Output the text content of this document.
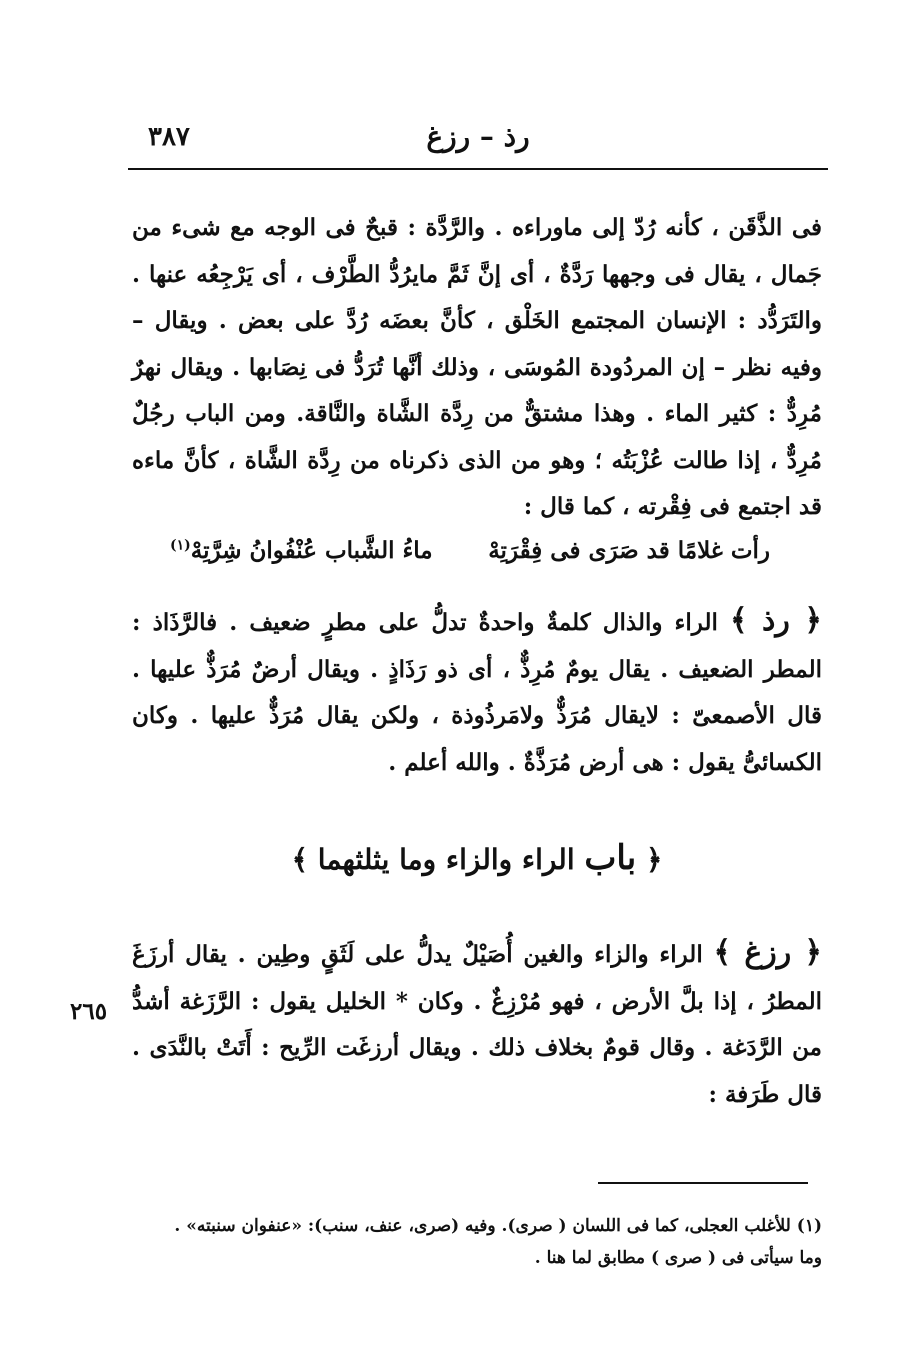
رذ – رزغ
٣٨٧

فى الذَّقَن ، كأنه رُدّ إلى ماوراءه . والرَّدَّة : قبحٌ فى الوجه مع شىء من جَمال ، يقال فى وجهها رَدَّةٌ ، أى إنَّ ثَمَّ مايرُدُّ الطَّرْف ، أى يَرْجِعُه عنها . والتَرَدُّد : الإنسان المجتمع الخَلْق ، كأنَّ بعضَه رُدَّ على بعض . ويقال – وفيه نظر – إن المردُودة المُوسَى ، وذلك أنَّها تُرَدُّ فى نِصَابها . ويقال نهرٌ مُرِدٌّ : كثير الماء . وهذا مشتقٌّ من رِدَّة الشَّاة والنَّاقة. ومن الباب رجُلٌ مُرِدٌّ ، إذا طالت عُزْبَتُه ؛ وهو من الذى ذكرناه من رِدَّة الشَّاة ، كأنَّ ماءه قد اجتمع فى فِقْرته ، كما قال :

رأت غلامًا قد صَرَى فى فِقْرَتِهْ
ماءُ الشَّباب عُنْفُوانُ شِرَّتِهْ$^{(١)}$

﴿ رذ ﴾ الراء والذال كلمةٌ واحدةٌ تدلُّ على مطرٍ ضعيف . فالرَّذَاذ : المطر الضعيف . يقال يومٌ مُرِذٌّ ، أى ذو رَذَاذٍ . ويقال أرضٌ مُرَذٌّ عليها . قال الأصمعىّ : لايقال مُرَذٌّ ولامَرذُوذة ، ولكن يقال مُرَذٌّ عليها . وكان الكسائىُّ يقول : هى أرض مُرَذَّةٌ . والله أعلم .

﴿ باب الراء والزاء وما يثلثهما ﴾

﴿ رزغ ﴾ الراء والزاء والغين أُصَيْلٌ يدلُّ على لَثَقٍ وطِين . يقال أرزَغَ المطرُ ، إذا بلَّ الأرض ، فهو مُرْزِغٌ . وكان * الخليل يقول : الرَّزَغة أشدُّ من الرَّدَغة . وقال قومٌ بخلاف ذلك . ويقال أرزغَت الرِّيح : أَتَتْ بالنَّدَى . قال طَرَفة :

٢٦٥

(١) للأغلب العجلى، كما فى اللسان ( صرى). وفيه (صرى، عنف، سنب): «عنفوان سنبته» .

وما سيأتى فى ( صرى ) مطابق لما هنا .
